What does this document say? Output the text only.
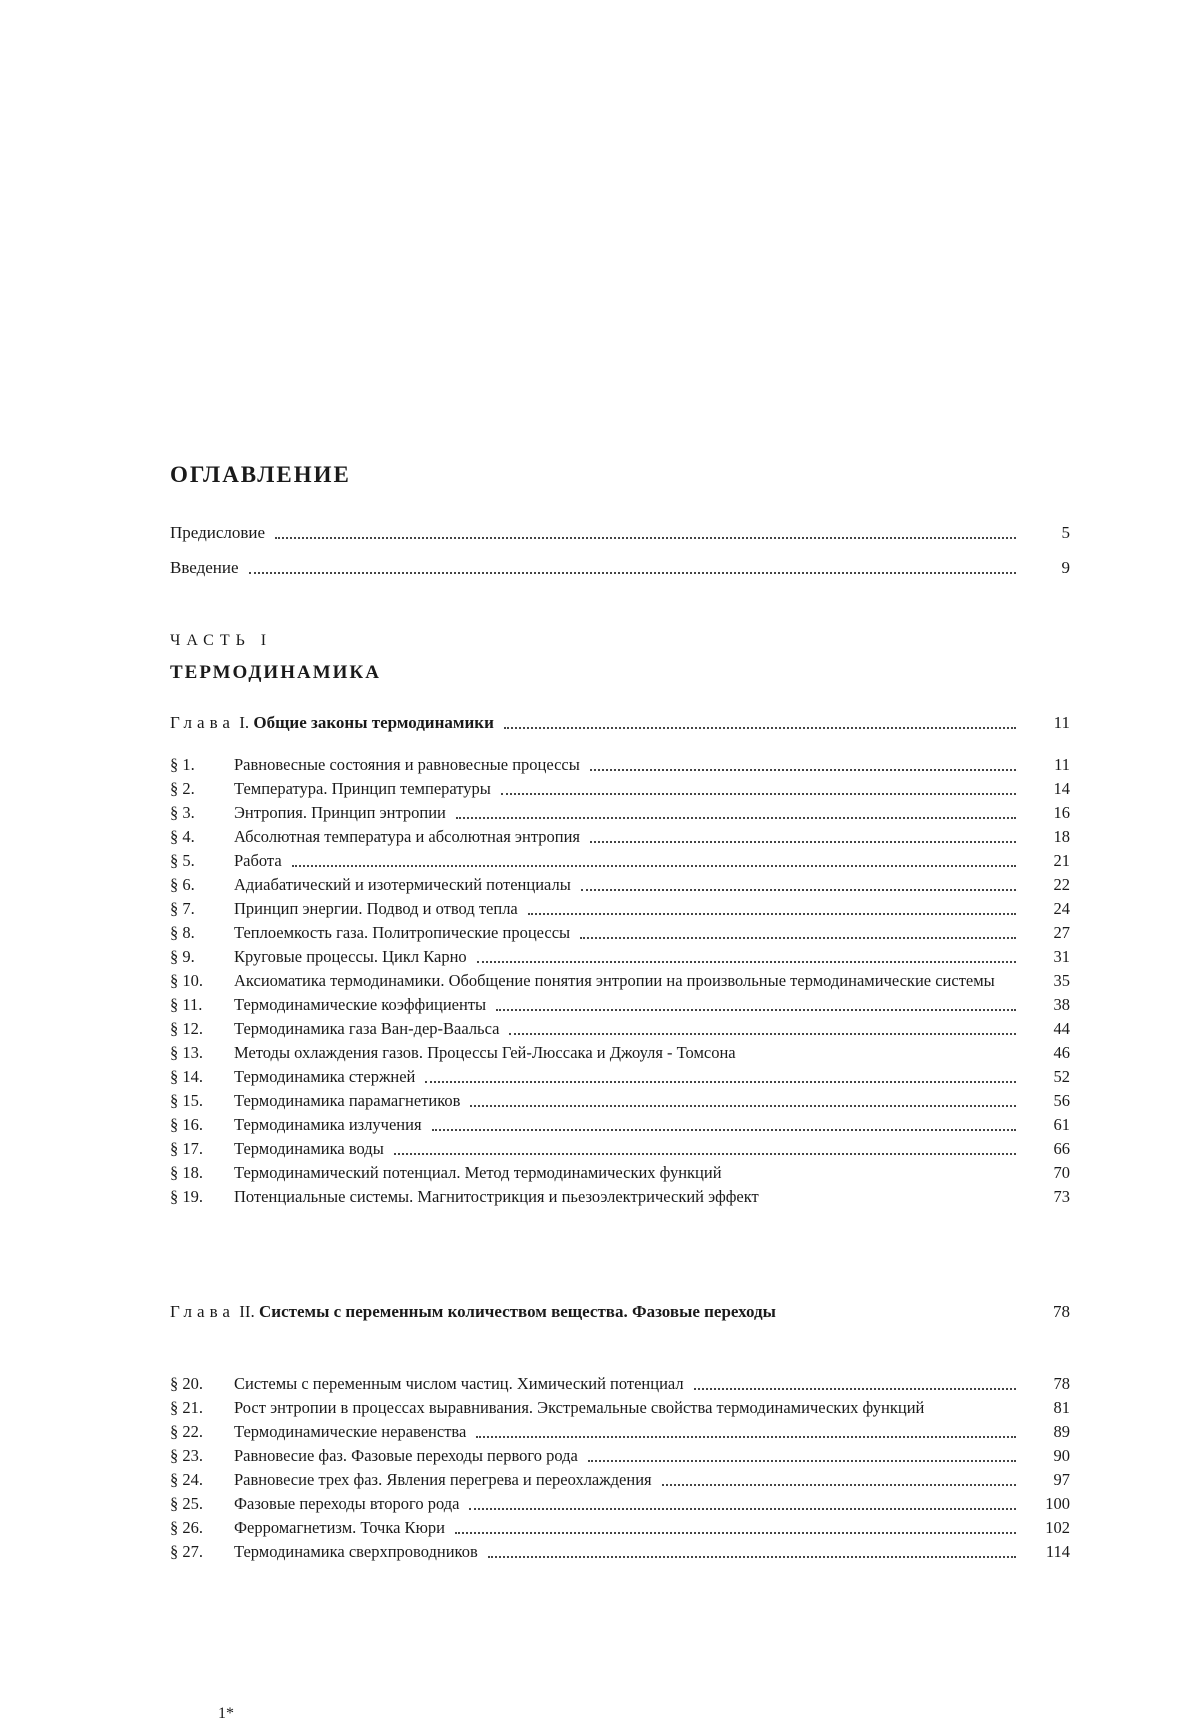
ОГЛАВЛЕНИЕ
Предисловие	5
Введение	9
ЧАСТЬ I
ТЕРМОДИНАМИКА
Глава I. Общие законы термодинамики	11
§ 1.	Равновесные состояния и равновесные процессы	11
§ 2.	Температура. Принцип температуры	14
§ 3.	Энтропия. Принцип энтропии	16
§ 4.	Абсолютная температура и абсолютная энтропия	18
§ 5.	Работа	21
§ 6.	Адиабатический и изотермический потенциалы	22
§ 7.	Принцип энергии. Подвод и отвод тепла	24
§ 8.	Теплоемкость газа. Политропические процессы	27
§ 9.	Круговые процессы. Цикл Карно	31
§ 10.	Аксиоматика термодинамики. Обобщение понятия энтропии на произвольные термодинамические системы	35
§ 11.	Термодинамические коэффициенты	38
§ 12.	Термодинамика газа Ван-дер-Ваальса	44
§ 13.	Методы охлаждения газов. Процессы Гей-Люссака и Джоуля - Томсона	46
§ 14.	Термодинамика стержней	52
§ 15.	Термодинамика парамагнетиков	56
§ 16.	Термодинамика излучения	61
§ 17.	Термодинамика воды	66
§ 18.	Термодинамический потенциал. Метод термодинамических функций	70
§ 19.	Потенциальные системы. Магнитострикция и пьезоэлектрический эффект	73
Глава II. Системы с переменным количеством вещества. Фазовые переходы	78
§ 20.	Системы с переменным числом частиц. Химический потенциал	78
§ 21.	Рост энтропии в процессах выравнивания. Экстремальные свойства термодинамических функций	81
§ 22.	Термодинамические неравенства	89
§ 23.	Равновесие фаз. Фазовые переходы первого рода	90
§ 24.	Равновесие трех фаз. Явления перегрева и переохлаждения	97
§ 25.	Фазовые переходы второго рода	100
§ 26.	Ферромагнетизм. Точка Кюри	102
§ 27.	Термодинамика сверхпроводников	114
1*
